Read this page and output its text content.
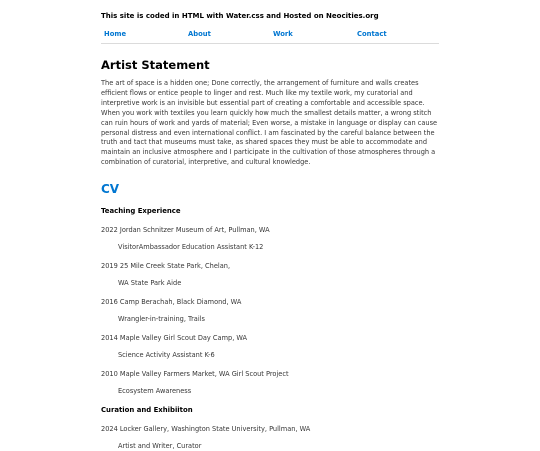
This site is coded in HTML with Water.css and Hosted on Neocities.org
Home	About	Work	Contact
Artist Statement

The art of space is a hidden one; Done correctly, the arrangement of furniture and walls creates efficient flows or entice people to linger and rest. Much like my textile work, my curatorial and interpretive work is an invisible but essential part of creating a comfortable and accessible space. When you work with textiles you learn quickly how much the smallest details matter, a wrong stitch can ruin hours of work and yards of material; Even worse, a mistake in language or display can cause personal distress and even international conflict. I am fascinated by the careful balance between the truth and tact that museums must take, as shared spaces they must be able to accommodate and maintain an inclusive atmosphere and I participate in the cultivation of those atmospheres through a combination of curatorial, interpretive, and cultural knowledge.

CV
Teaching Experience
2022 Jordan Schnitzer Museum of Art, Pullman, WA
VisitorAmbassador Education Assistant K-12
2019 25 Mile Creek State Park, Chelan,
WA State Park Aide
2016 Camp Berachah, Black Diamond, WA
Wrangler-in-training, Trails
2014 Maple Valley Girl Scout Day Camp, WA
Science Activity Assistant K-6
2010 Maple Valley Farmers Market, WA Girl Scout Project
Ecosystem Awareness
Curation and Exhibiiton
2024 Locker Gallery, Washington State University, Pullman, WA
Artist and Writer, Curator
